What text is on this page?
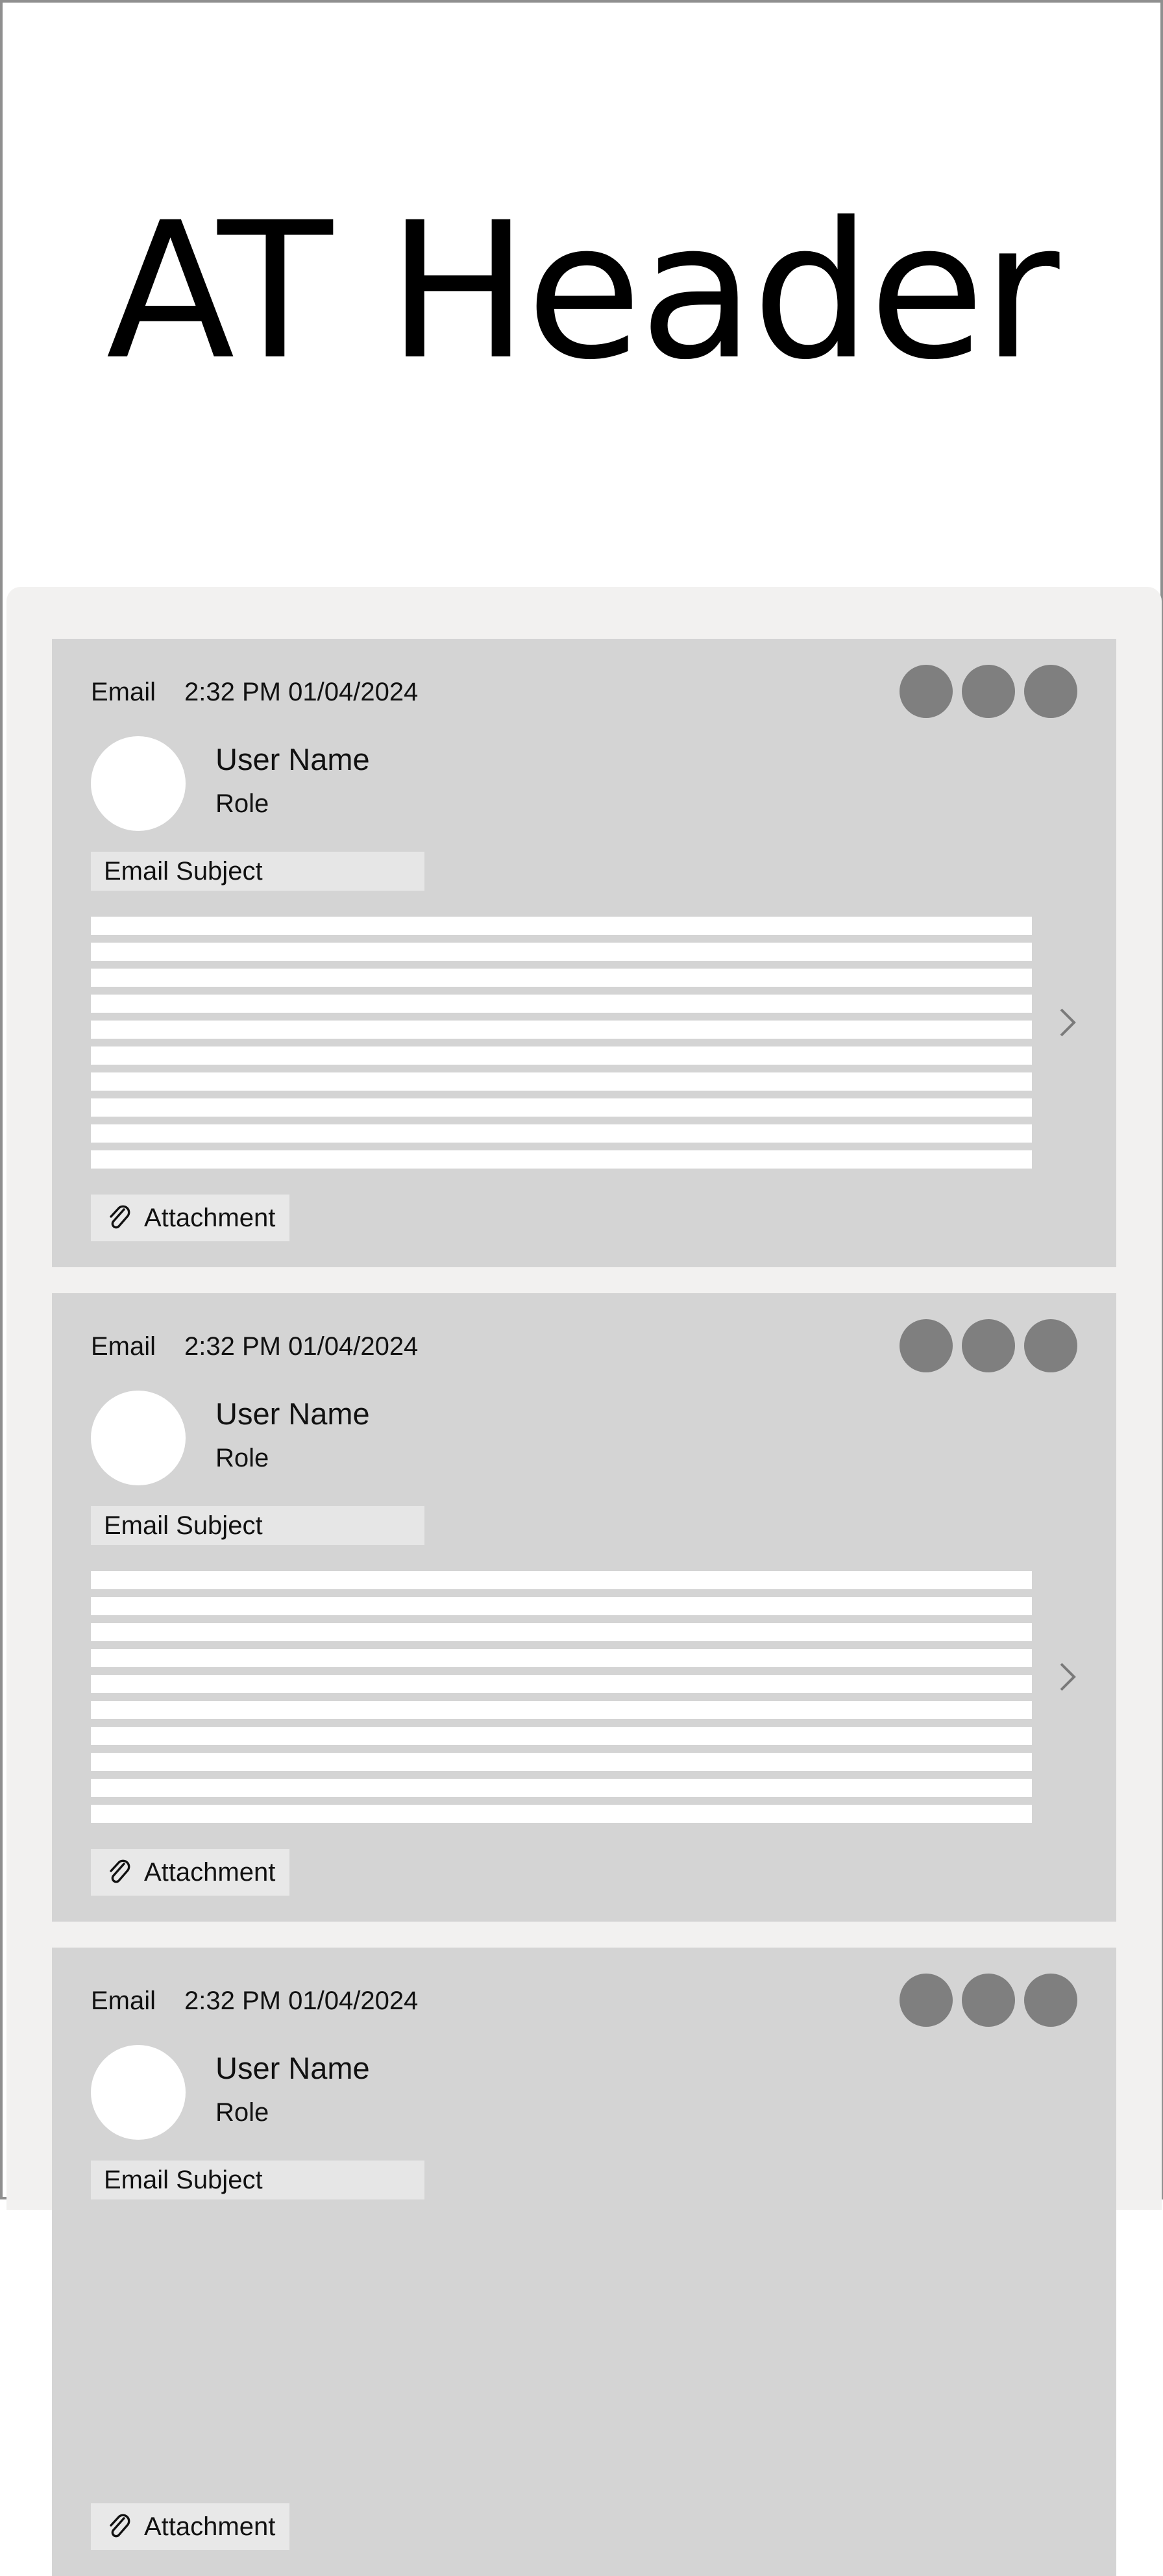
AT Header
Email 2:32 PM 01/04/2024
User Name
Role
Email Subject
Attachment
Email 2:32 PM 01/04/2024
User Name
Role
Email Subject
Attachment
Email 2:32 PM 01/04/2024
User Name
Role
Email Subject
Attachment
